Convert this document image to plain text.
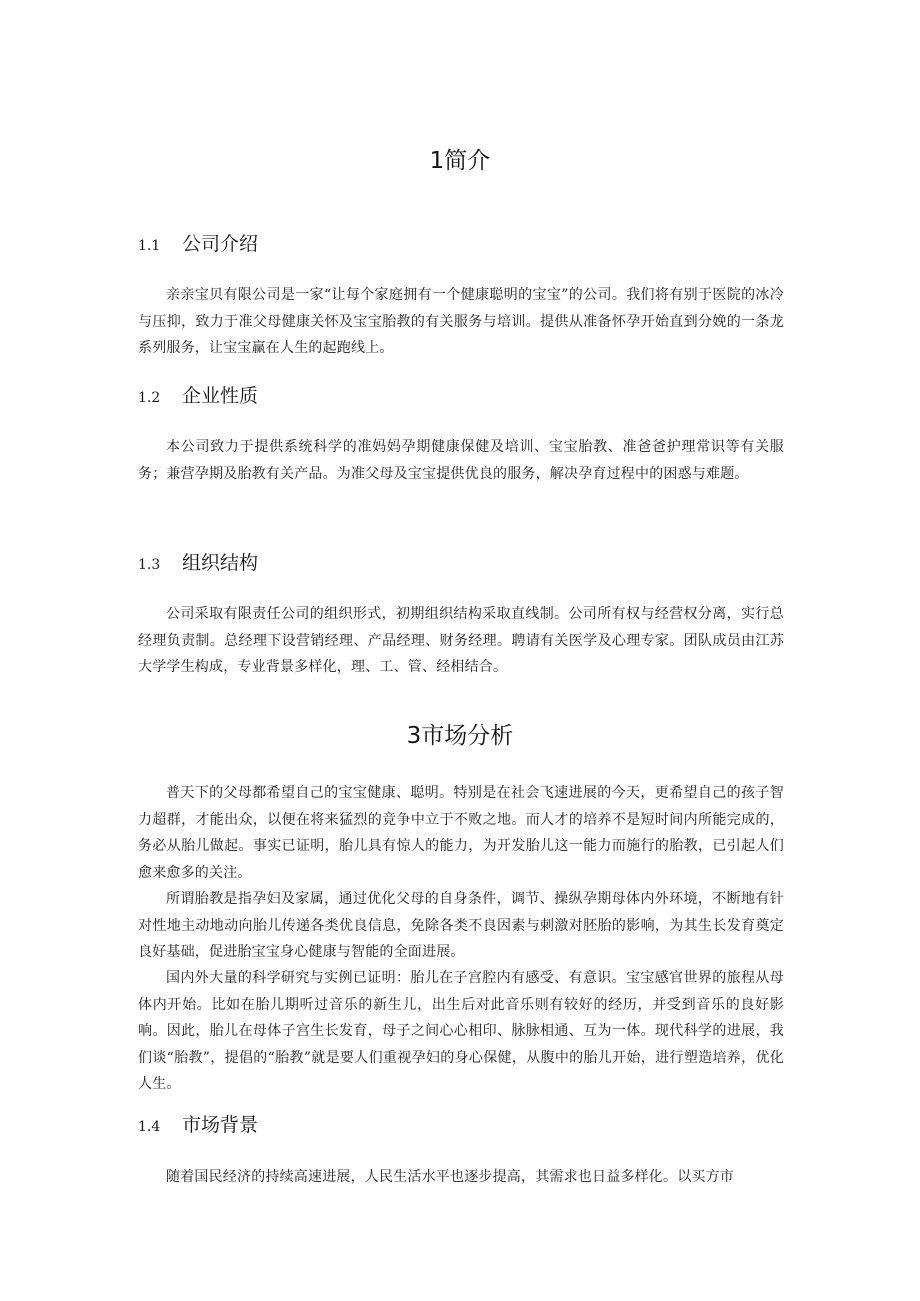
1简介
1.1 公司介绍

亲亲宝贝有限公司是一家“让每个家庭拥有一个健康聪明的宝宝”的公司。我们将有别于医院的冰冷与压抑，致力于准父母健康关怀及宝宝胎教的有关服务与培训。提供从准备怀孕开始直到分娩的一条龙系列服务，让宝宝赢在人生的起跑线上。

1.2 企业性质

本公司致力于提供系统科学的准妈妈孕期健康保健及培训、宝宝胎教、准爸爸护理常识等有关服务；兼营孕期及胎教有关产品。为准父母及宝宝提供优良的服务，解决孕育过程中的困惑与难题。

1.3 组织结构

公司采取有限责任公司的组织形式，初期组织结构采取直线制。公司所有权与经营权分离，实行总经理负责制。总经理下设营销经理、产品经理、财务经理。聘请有关医学及心理专家。团队成员由江苏大学学生构成，专业背景多样化，理、工、管、经相结合。

3市场分析

普天下的父母都希望自己的宝宝健康、聪明。特别是在社会飞速进展的今天，更希望自己的孩子智力超群，才能出众，以便在将来猛烈的竞争中立于不败之地。而人才的培养不是短时间内所能完成的，务必从胎儿做起。事实已证明，胎儿具有惊人的能力，为开发胎儿这一能力而施行的胎教，已引起人们愈来愈多的关注。

所谓胎教是指孕妇及家属，通过优化父母的自身条件，调节、操纵孕期母体内外环境，不断地有针对性地主动地动向胎儿传递各类优良信息，免除各类不良因素与刺激对胚胎的影响，为其生长发育奠定良好基础，促进胎宝宝身心健康与智能的全面进展。

国内外大量的科学研究与实例已证明：胎儿在子宫腔内有感受、有意识。宝宝感官世界的旅程从母体内开始。比如在胎儿期听过音乐的新生儿，出生后对此音乐则有较好的经历，并受到音乐的良好影响。因此，胎儿在母体子宫生长发育，母子之间心心相印、脉脉相通、互为一体。现代科学的进展，我们谈“胎教”，提倡的“胎教”就是要人们重视孕妇的身心保健，从腹中的胎儿开始，进行塑造培养，优化人生。

1.4 市场背景

随着国民经济的持续高速进展，人民生活水平也逐步提高，其需求也日益多样化。以买方市
